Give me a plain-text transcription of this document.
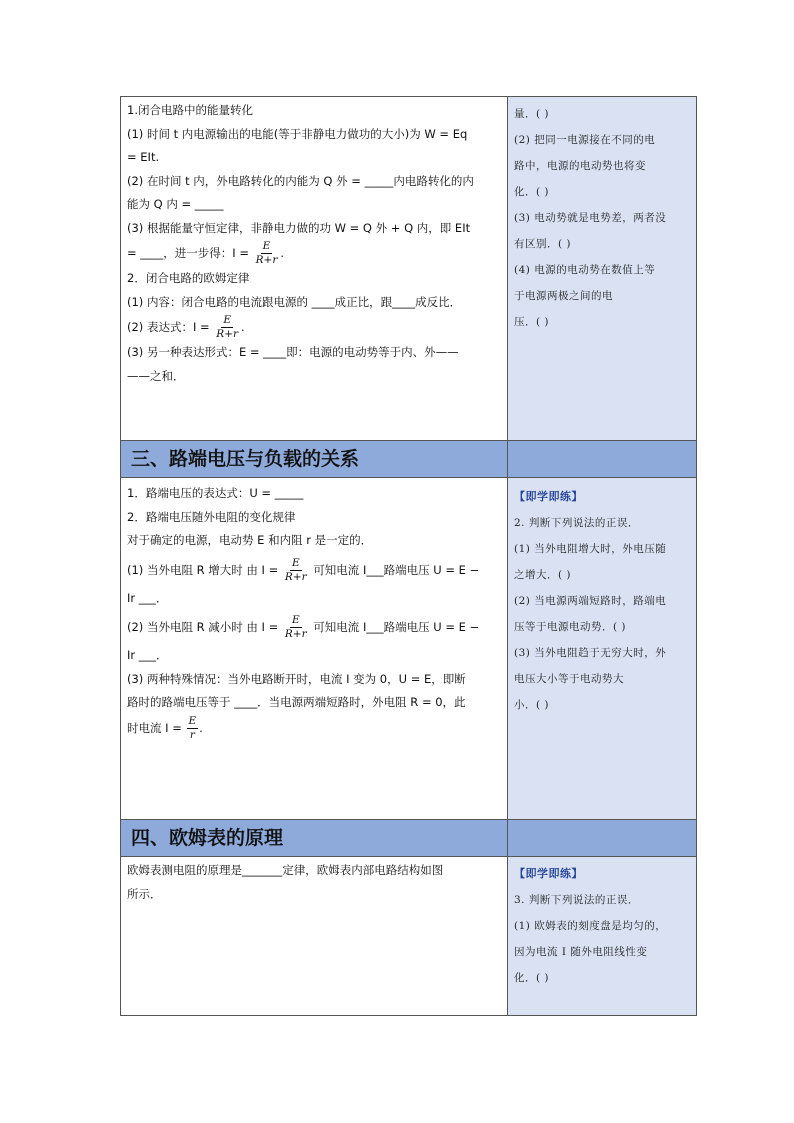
1.闭合电路中的能量转化

(1) 时间 t 内电源输出的电能(等于非静电力做功的大小)为 W = Eq

= EIt.

(2) 在时间 t 内，外电路转化的内能为 Q 外 = _____内电路转化的内

能为 Q 内 = _____

(3) 根据能量守恒定律，非静电力做的功 W = Q 外 + Q 内，即 EIt

= ____，进一步得：$I = \frac{E}{R+r}$ .

2．闭合电路的欧姆定律

(1) 内容：闭合电路的电流跟电源的 ____成正比，跟____成反比．

(2) 表达式：$I = \frac{E}{R+r}$ .

(3) 另一种表达形式：E = ____即：电源的电动势等于内、外——

——之和．

量．( )

(2) 把同一电源接在不同的电

路中，电源的电动势也将变

化．( )

(3) 电动势就是电势差，两者没

有区别．( )

(4) 电源的电动势在数值上等

于电源两极之间的电

压．( )

三、路端电压与负载的关系

1．路端电压的表达式：U = _____

2．路端电压随外电阻的变化规律

对于确定的电源，电动势 E 和内阻 r 是一定的．

(1) 当外电阻 R 增大时 由 $I = \frac{E}{R+r}$ 可知电流 I___路端电压 U = E −

Ir ___．

(2) 当外电阻 R 减小时 由 $I = \frac{E}{R+r}$ 可知电流 I___路端电压 U = E −

Ir ___．

(3) 两种特殊情况：当外电路断开时，电流 I 变为 0，U = E，即断

路时的路端电压等于 ____．当电源两端短路时，外电阻 R = 0，此

时电流 $I = \frac{E}{r}$ .

【即学即练】

2. 判断下列说法的正误．

(1) 当外电阻增大时，外电压随

之增大．( )

(2) 当电源两端短路时，路端电

压等于电源电动势．( )

(3) 当外电阻趋于无穷大时，外

电压大小等于电动势大

小．( )

四、欧姆表的原理

欧姆表测电阻的原理是_______定律，欧姆表内部电路结构如图

所示．

【即学即练】

3. 判断下列说法的正误．

(1) 欧姆表的刻度盘是均匀的，

因为电流 I 随外电阻线性变

化．( )
